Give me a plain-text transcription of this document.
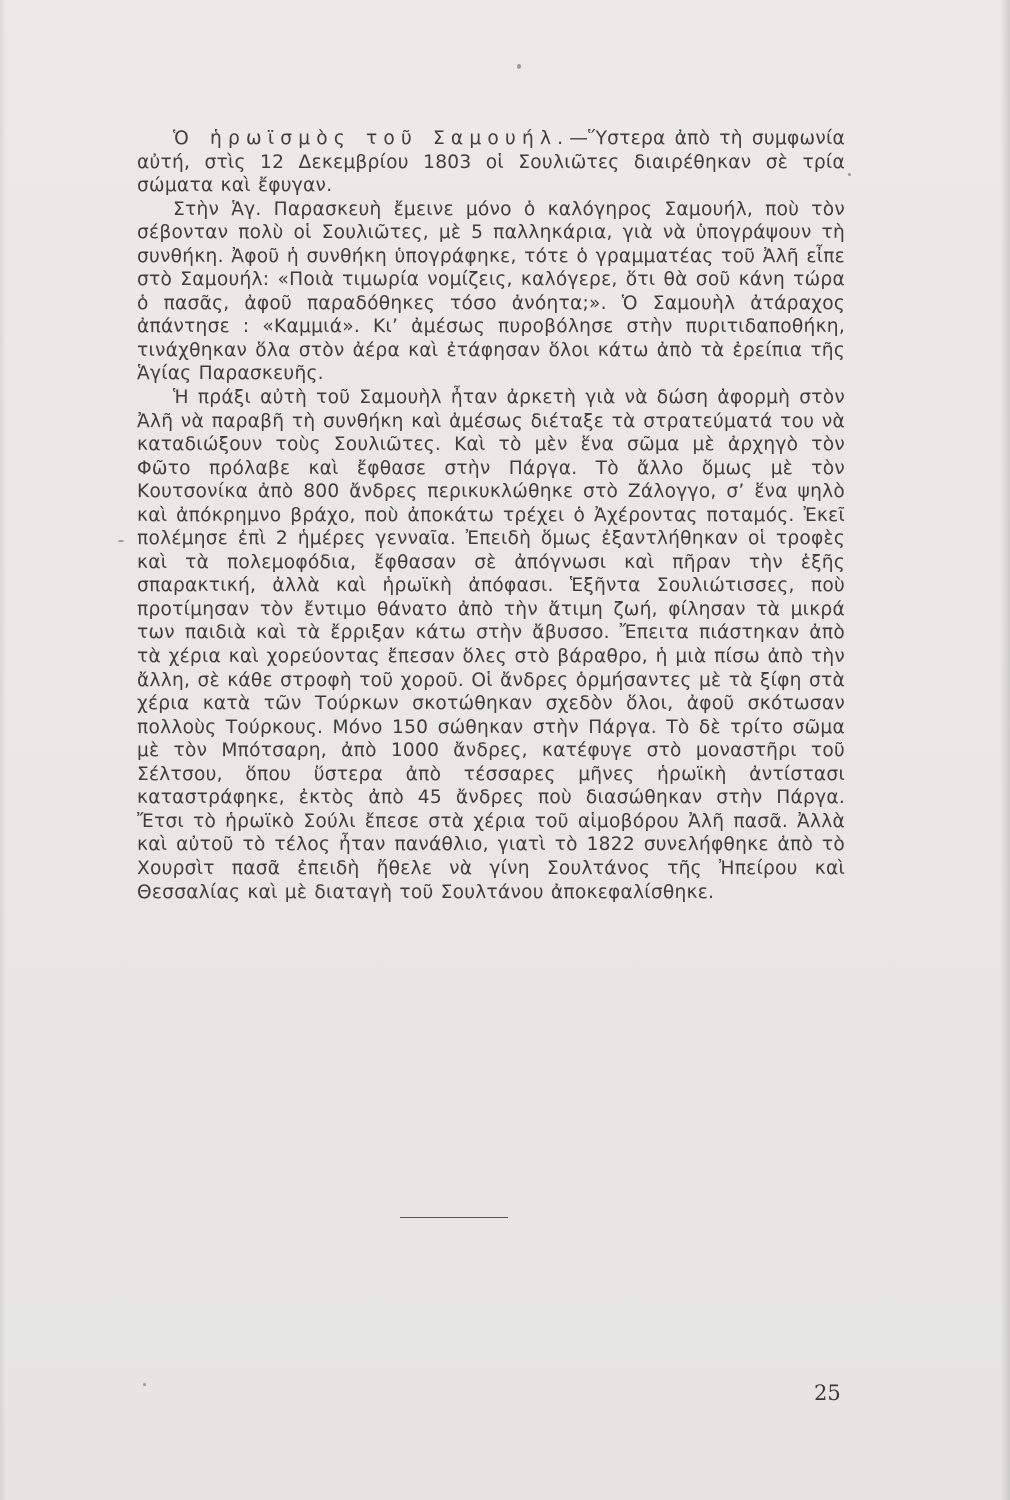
Ὁ ἡρωϊσμὸς τοῦ Σαμουήλ.—Ὕστερα ἀπὸ τὴ συμφωνία αὐτή, στὶς 12 Δεκεμβρίου 1803 οἱ Σουλιῶτες διαιρέθηκαν σὲ τρία σώματα καὶ ἔφυγαν.

Στὴν Ἁγ. Παρασκευὴ ἔμεινε μόνο ὁ καλόγηρος Σαμουήλ, ποὺ τὸν σέβονταν πολὺ οἱ Σουλιῶτες, μὲ 5 παλληκάρια, γιὰ νὰ ὑπογράψουν τὴ συνθήκη. Ἀφοῦ ἡ συνθήκη ὑπογράφηκε, τότε ὁ γραμματέας τοῦ Ἀλῆ εἶπε στὸ Σαμουήλ: «Ποιὰ τιμωρία νομίζεις, καλόγερε, ὅτι θὰ σοῦ κάνη τώρα ὁ πασᾶς, ἀφοῦ παραδόθηκες τόσο ἀνόητα;». Ὁ Σαμουὴλ ἀτάραχος ἀπάντησε : «Καμμιά». Κι’ ἀμέσως πυροβόλησε στὴν πυριτιδαποθήκη, τινάχθηκαν ὅλα στὸν ἀέρα καὶ ἐτάφησαν ὅλοι κάτω ἀπὸ τὰ ἐρείπια τῆς Ἁγίας Παρασκευῆς.

Ἡ πράξι αὐτὴ τοῦ Σαμουὴλ ἦταν ἀρκετὴ γιὰ νὰ δώση ἀφορμὴ στὸν Ἀλῆ νὰ παραβῆ τὴ συνθήκη καὶ ἀμέσως διέταξε τὰ στρατεύματά του νὰ καταδιώξουν τοὺς Σουλιῶτες. Καὶ τὸ μὲν ἕνα σῶμα μὲ ἀρχηγὸ τὸν Φῶτο πρόλαβε καὶ ἔφθασε στὴν Πάργα. Τὸ ἄλλο ὅμως μὲ τὸν Κουτσονίκα ἀπὸ 800 ἄνδρες περικυκλώθηκε στὸ Ζάλογγο, σ’ ἕνα ψηλὸ καὶ ἀπόκρημνο βράχο, ποὺ ἀποκάτω τρέχει ὁ Ἀχέροντας ποταμός. Ἐκεῖ πολέμησε ἐπὶ 2 ἡμέρες γενναῖα. Ἐπειδὴ ὅμως ἐξαντλήθηκαν οἱ τροφὲς καὶ τὰ πολεμοφόδια, ἔφθασαν σὲ ἀπόγνωσι καὶ πῆραν τὴν ἑξῆς σπαρακτική, ἀλλὰ καὶ ἡρωϊκὴ ἀπόφασι. Ἑξῆντα Σουλιώτισσες, ποὺ προτίμησαν τὸν ἔντιμο θάνατο ἀπὸ τὴν ἄτιμη ζωή, φίλησαν τὰ μικρά των παιδιὰ καὶ τὰ ἔρριξαν κάτω στὴν ἄβυσσο. Ἔπειτα πιάστηκαν ἀπὸ τὰ χέρια καὶ χορεύοντας ἔπεσαν ὅλες στὸ βάραθρο, ἡ μιὰ πίσω ἀπὸ τὴν ἄλλη, σὲ κάθε στροφὴ τοῦ χοροῦ. Οἱ ἄνδρες ὁρμήσαντες μὲ τὰ ξίφη στὰ χέρια κατὰ τῶν Τούρκων σκοτώθηκαν σχεδὸν ὅλοι, ἀφοῦ σκότωσαν πολλοὺς Τούρκους. Μόνο 150 σώθηκαν στὴν Πάργα. Τὸ δὲ τρίτο σῶμα μὲ τὸν Μπότσαρη, ἀπὸ 1000 ἄνδρες, κατέφυγε στὸ μοναστῆρι τοῦ Σέλτσου, ὅπου ὕστερα ἀπὸ τέσσαρες μῆνες ἡρωϊκὴ ἀντίστασι καταστράφηκε, ἐκτὸς ἀπὸ 45 ἄνδρες ποὺ διασώθηκαν στὴν Πάργα. Ἔτσι τὸ ἡρωϊκὸ Σούλι ἔπεσε στὰ χέρια τοῦ αἱμοβόρου Ἀλῆ πασᾶ. Ἀλλὰ καὶ αὐτοῦ τὸ τέλος ἦταν πανάθλιο, γιατὶ τὸ 1822 συνελήφθηκε ἀπὸ τὸ Χουρσὶτ πασᾶ ἐπειδὴ ἤθελε νὰ γίνη Σουλτάνος τῆς Ἠπείρου καὶ Θεσσαλίας καὶ μὲ διαταγὴ τοῦ Σουλτάνου ἀποκεφαλίσθηκε.

25
